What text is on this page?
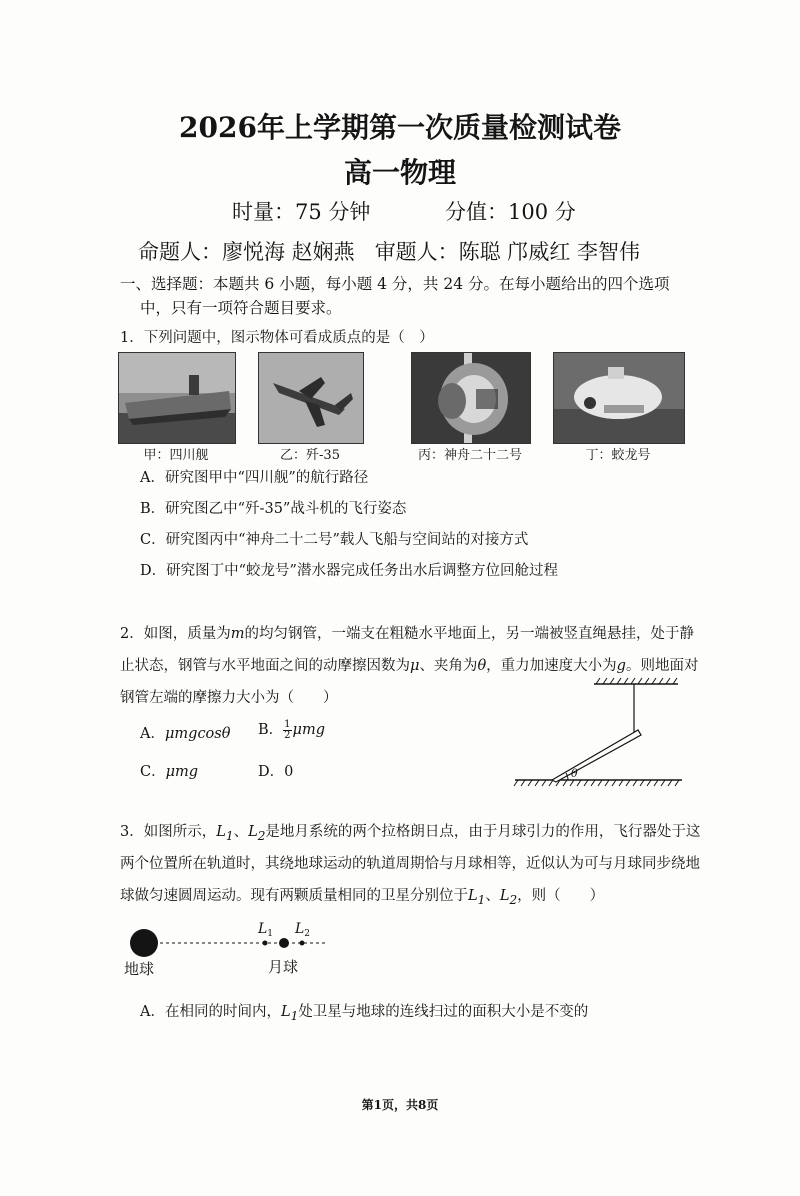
2026年上学期第一次质量检测试卷
高一物理
时量：75 分钟	分值：100 分
命题人：廖悦海 赵娴燕 审题人：陈聪 邝威红 李智伟
一、选择题：本题共 6 小题，每小题 4 分，共 24 分。在每小题给出的四个选项
中，只有一项符合题目要求。
1．下列问题中，图示物体可看成质点的是（　）
甲：四川舰	乙：歼-35	丙：神舟二十二号	丁：蛟龙号
A．研究图甲中“四川舰”的航行路径
B．研究图乙中“歼-35”战斗机的飞行姿态
C．研究图丙中“神舟二十二号”载人飞船与空间站的对接方式
D．研究图丁中“蛟龙号”潜水器完成任务出水后调整方位回舱过程
2．如图，质量为m的均匀钢管，一端支在粗糙水平地面上，另一端被竖直绳悬挂，处于静
止状态，钢管与水平地面之间的动摩擦因数为μ、夹角为θ，重力加速度大小为g。则地面对
钢管左端的摩擦力大小为（　　）
A．μmgcosθ B． $\frac{1}{2}\mu mg$
C．μmg	D．0	θ
3．如图所示，$L_1$、$L_2$是地月系统的两个拉格朗日点，由于月球引力的作用，飞行器处于这
两个位置所在轨道时，其绕地球运动的轨道周期恰与月球相等，近似认为可与月球同步绕地
球做匀速圆周运动。现有两颗质量相同的卫星分别位于$L_1$、$L_2$，则（　　）
$L_1$ $L_2$
地球	月球
A．在相同的时间内，$L_1$处卫星与地球的连线扫过的面积大小是不变的
第1页，共8页
